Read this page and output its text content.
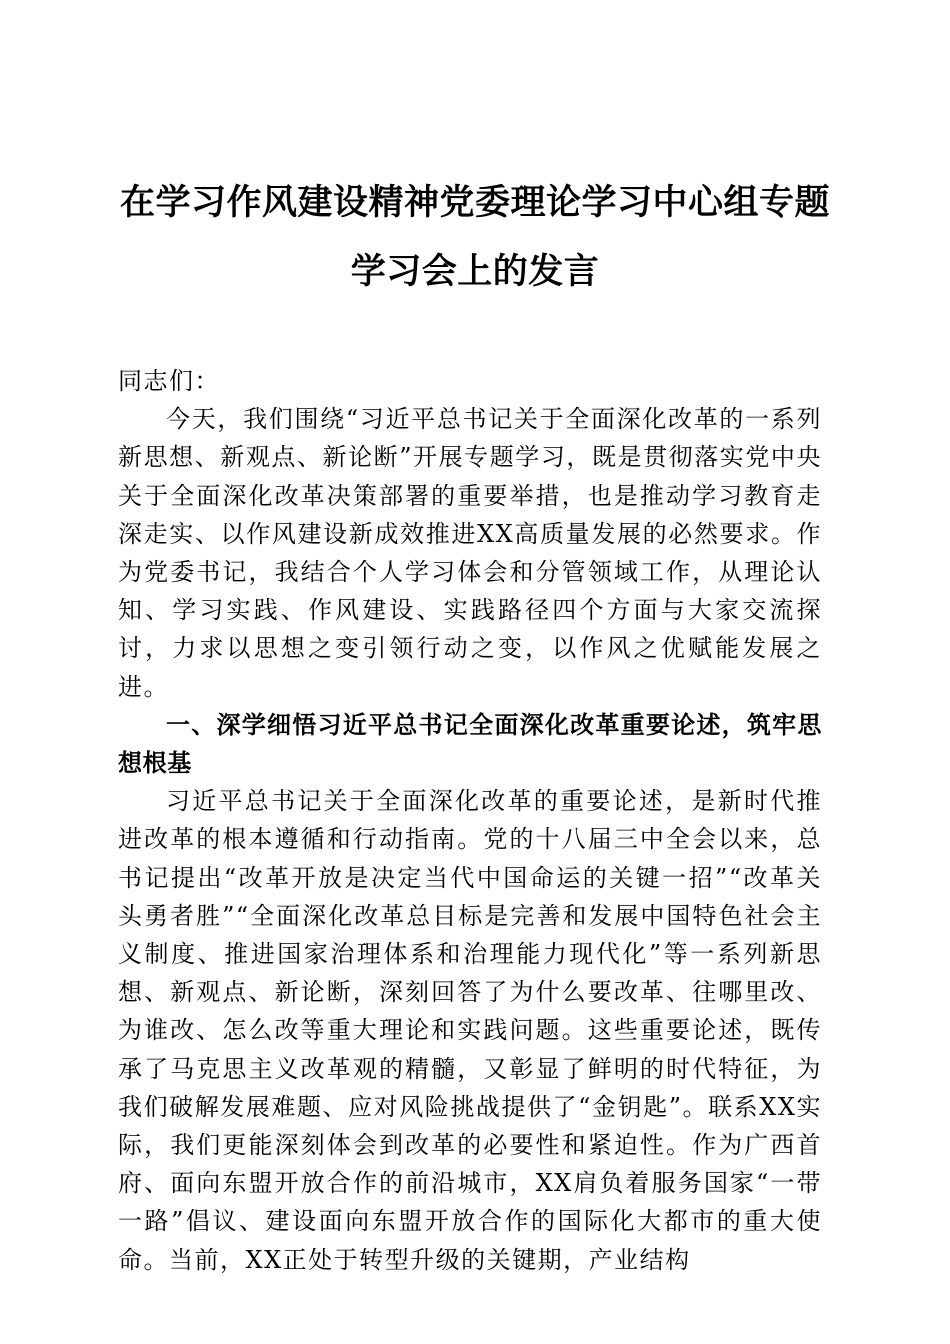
在学习作风建设精神党委理论学习中心组专题
学习会上的发言

同志们：

今天，我们围绕“习近平总书记关于全面深化改革的一系列新思想、新观点、新论断”开展专题学习，既是贯彻落实党中央关于全面深化改革决策部署的重要举措，也是推动学习教育走深走实、以作风建设新成效推进XX高质量发展的必然要求。作为党委书记，我结合个人学习体会和分管领域工作，从理论认知、学习实践、作风建设、实践路径四个方面与大家交流探讨，力求以思想之变引领行动之变，以作风之优赋能发展之进。

一、深学细悟习近平总书记全面深化改革重要论述，筑牢思想根基

习近平总书记关于全面深化改革的重要论述，是新时代推进改革的根本遵循和行动指南。党的十八届三中全会以来，总书记提出“改革开放是决定当代中国命运的关键一招”“改革关头勇者胜”“全面深化改革总目标是完善和发展中国特色社会主义制度、推进国家治理体系和治理能力现代化”等一系列新思想、新观点、新论断，深刻回答了为什么要改革、往哪里改、为谁改、怎么改等重大理论和实践问题。这些重要论述，既传承了马克思主义改革观的精髓，又彰显了鲜明的时代特征，为我们破解发展难题、应对风险挑战提供了“金钥匙”。联系XX实际，我们更能深刻体会到改革的必要性和紧迫性。作为广西首府、面向东盟开放合作的前沿城市，XX肩负着服务国家“一带一路”倡议、建设面向东盟开放合作的国际化大都市的重大使命。当前，XX正处于转型升级的关键期，产业结构
